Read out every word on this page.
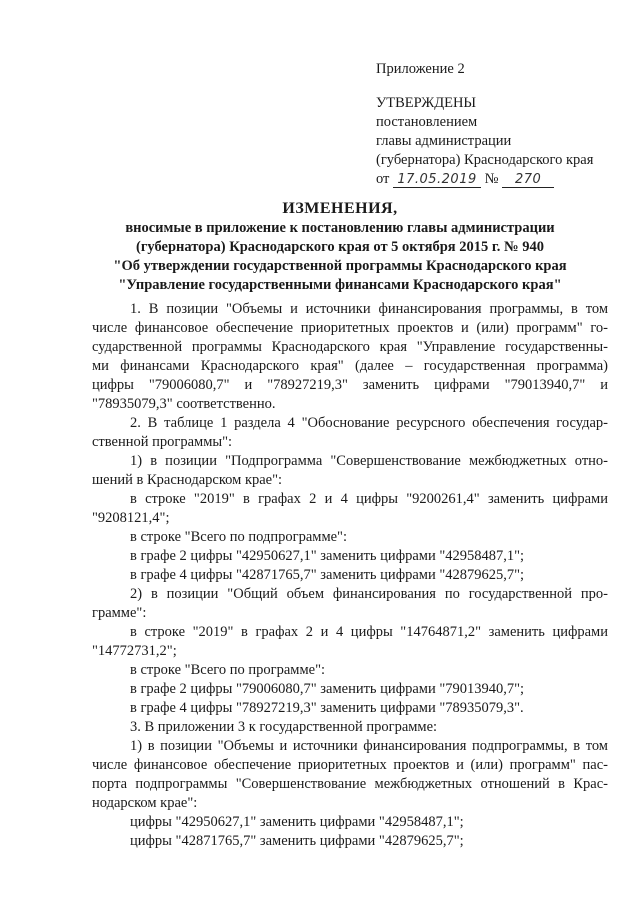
Приложение 2
УТВЕРЖДЕНЫ
постановлением
главы администрации
(губернатора) Краснодарского края
от 17.05.2019 № 270
ИЗМЕНЕНИЯ,
вносимые в приложение к постановлению главы администрации
(губернатора) Краснодарского края от 5 октября 2015 г. № 940
"Об утверждении государственной программы Краснодарского края
"Управление государственными финансами Краснодарского края"
1. В позиции "Объемы и источники финансирования программы, в том
числе финансовое обеспечение приоритетных проектов и (или) программ" го-
сударственной программы Краснодарского края "Управление государственны-
ми финансами Краснодарского края" (далее – государственная программа)
цифры "79006080,7" и "78927219,3" заменить цифрами "79013940,7" и
"78935079,3" соответственно.
2. В таблице 1 раздела 4 "Обоснование ресурсного обеспечения государ-
ственной программы":
1) в позиции "Подпрограмма "Совершенствование межбюджетных отно-
шений в Краснодарском крае":
в строке "2019" в графах 2 и 4 цифры "9200261,4" заменить цифрами
"9208121,4";
в строке "Всего по подпрограмме":
в графе 2 цифры "42950627,1" заменить цифрами "42958487,1";
в графе 4 цифры "42871765,7" заменить цифрами "42879625,7";
2) в позиции "Общий объем финансирования по государственной про-
грамме":
в строке "2019" в графах 2 и 4 цифры "14764871,2" заменить цифрами
"14772731,2";
в строке "Всего по программе":
в графе 2 цифры "79006080,7" заменить цифрами "79013940,7";
в графе 4 цифры "78927219,3" заменить цифрами "78935079,3".
3. В приложении 3 к государственной программе:
1) в позиции "Объемы и источники финансирования подпрограммы, в том
числе финансовое обеспечение приоритетных проектов и (или) программ" пас-
порта подпрограммы "Совершенствование межбюджетных отношений в Крас-
нодарском крае":
цифры "42950627,1" заменить цифрами "42958487,1";
цифры "42871765,7" заменить цифрами "42879625,7";
